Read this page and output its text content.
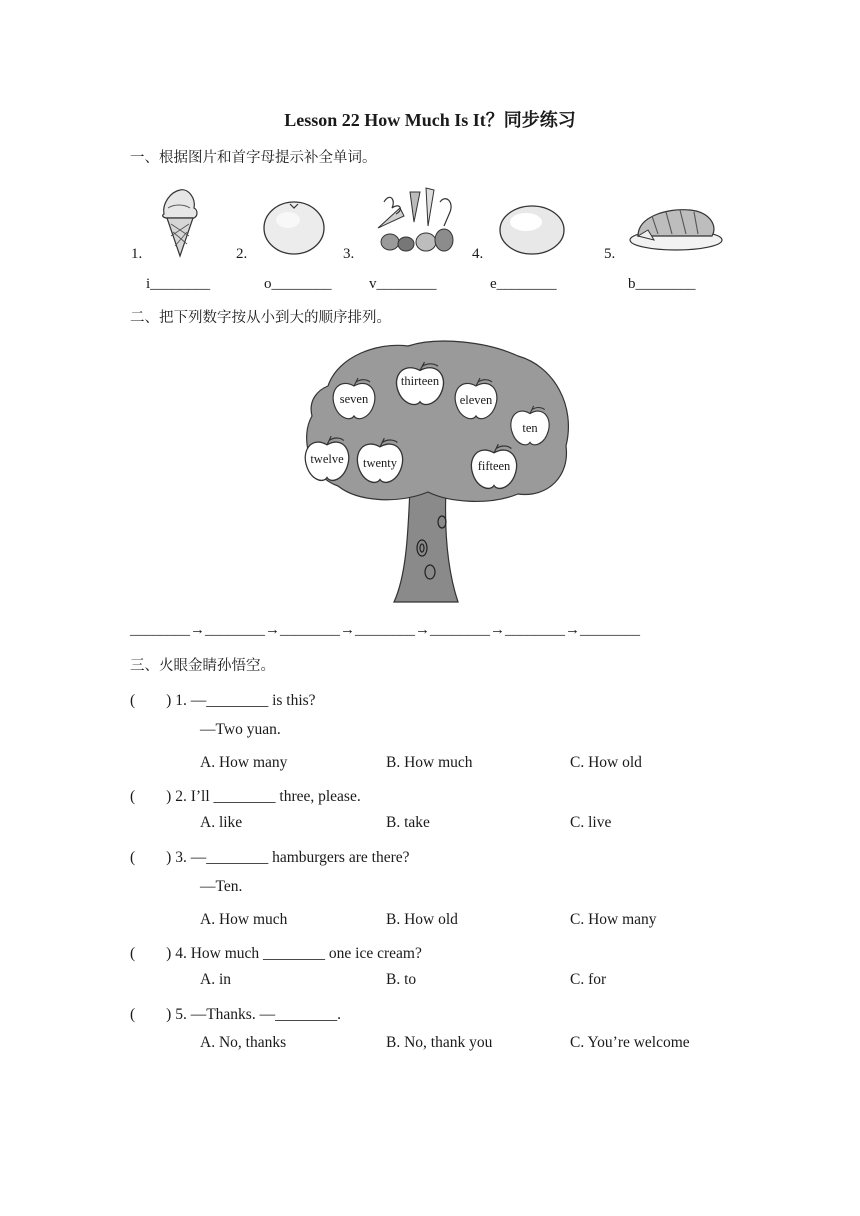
Lesson 22 How Much Is It？同步练习
一、根据图片和首字母提示补全单词。
1.	2.	3.	4.	5.
i________	o________	v________	e________	b________
二、把下列数字按从小到大的顺序排列。
seven
thirteen
eleven
ten
twelve	twenty	fifteen
________→________→________→________→________→________→________
三、火眼金睛孙悟空。
(　　) 1. —________ is this?
—Two yuan.
A. How many	B. How much	C. How old
(　　) 2. I’ll ________ three, please.
A. like	B. take	C. live
(　　) 3. —________ hamburgers are there?
—Ten.
A. How much	B. How old	C. How many
(　　) 4. How much ________ one ice cream?
A. in	B. to	C. for
(　　) 5. —Thanks. —________.
A. No, thanks	B. No, thank you	C. You’re welcome
